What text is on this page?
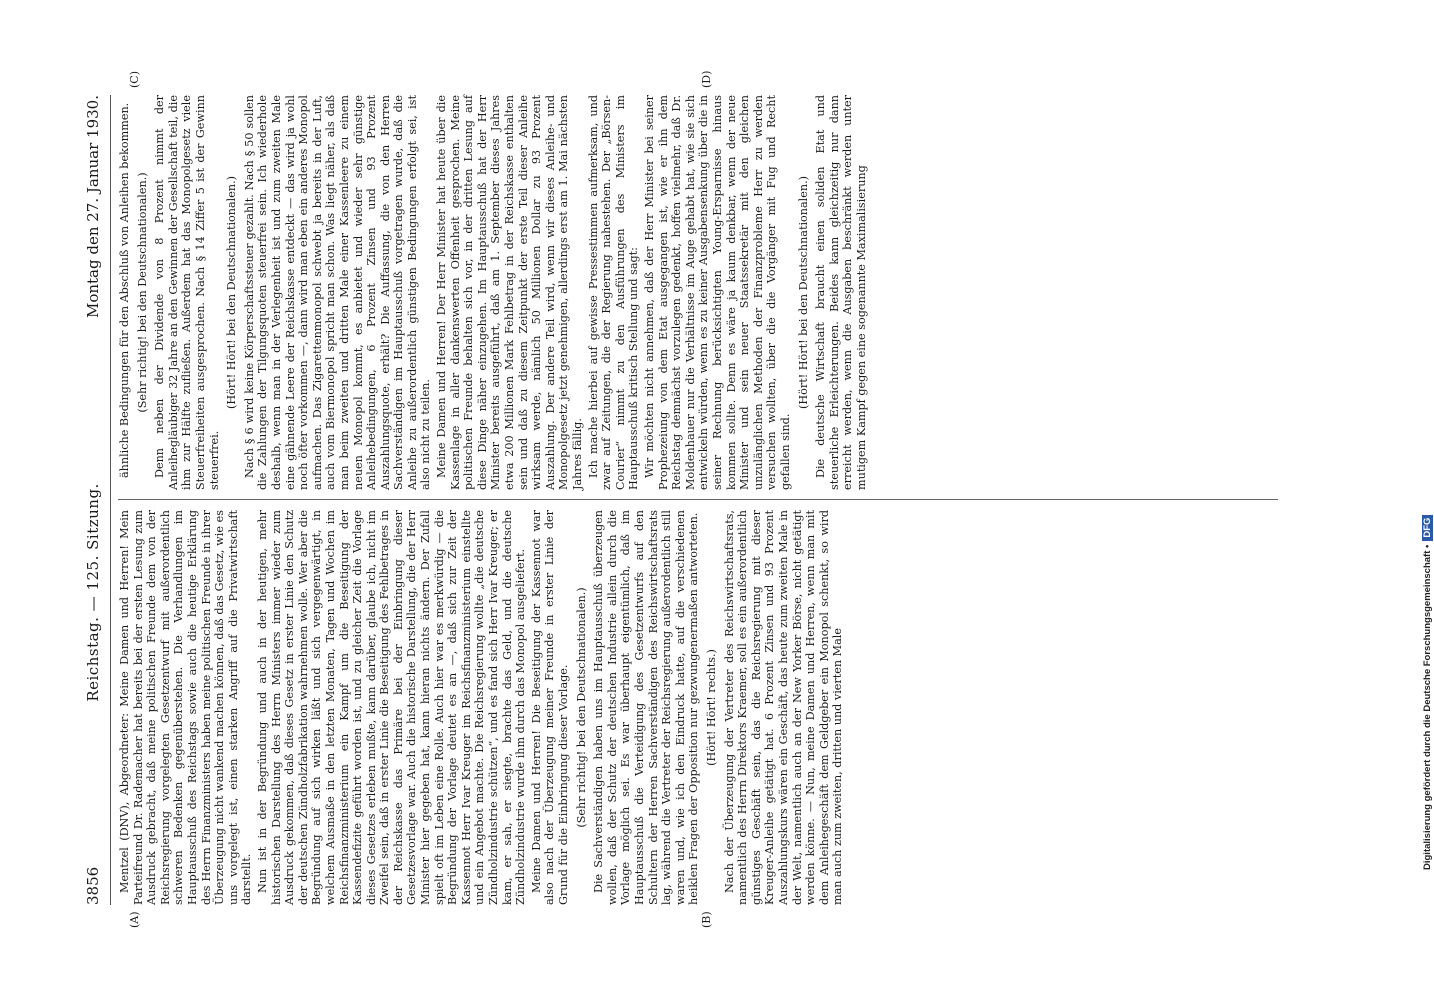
3856
Reichstag. — 125. Sitzung.
Montag den 27. Januar 1930.
(A)	(B)
(C)	(D)

Mentzel (DNV), Abgeordneter: Meine Damen und Herren! Mein Parteifreund Dr. Rademacher hat bereits bei der ersten Lesung zum Ausdruck gebracht, daß meine politischen Freunde dem von der Reichsregierung vorgelegten Gesetzentwurf mit außerordentlich schweren Bedenken gegenüberstehen. Die Verhandlungen im Hauptausschuß des Reichstags sowie auch die heutige Erklärung des Herrn Finanzministers haben meine politischen Freunde in ihrer Überzeugung nicht wankend machen können, daß das Gesetz, wie es uns vorgelegt ist, einen starken Angriff auf die Privatwirtschaft darstellt. Nun ist in der Begründung und auch in der heutigen, mehr historischen Darstellung des Herrn Ministers immer wieder zum Ausdruck gekommen, daß dieses Gesetz in erster Linie den Schutz der deutschen Zündholzfabrikation wahrnehmen wolle. Wer aber die Begründung auf sich wirken läßt und sich vergegenwärtigt, in welchem Ausmaße in den letzten Monaten, Tagen und Wochen im Reichsfinanzministerium ein Kampf um die Beseitigung der Kassendefizite geführt worden ist, und zu gleicher Zeit die Vorlage dieses Gesetzes erleben mußte, kann darüber, glaube ich, nicht im Zweifel sein, daß in erster Linie die Beseitigung des Fehlbetrages in der Reichskasse das Primäre bei der Einbringung dieser Gesetzesvorlage war. Auch die historische Darstellung, die der Herr Minister hier gegeben hat, kann hieran nichts ändern. Der Zufall spielt oft im Leben eine Rolle. Auch hier war es merkwürdig — die Begründung der Vorlage deutet es an —, daß sich zur Zeit der Kassennot Herr Ivar Kreuger im Reichsfinanzministerium einstellte und ein Angebot machte. Die Reichsregierung wollte „die deutsche Zündholzindustrie schützen“, und es fand sich Herr Ivar Kreuger; er kam, er sah, er siegte, brachte das Geld, und die deutsche Zündholzindustrie wurde ihm durch das Monopol ausgeliefert. Meine Damen und Herren! Die Beseitigung der Kassennot war also nach der Überzeugung meiner Freunde in erster Linie der Grund für die Einbringung dieser Vorlage. (Sehr richtig! bei den Deutschnationalen.) Die Sachverständigen haben uns im Hauptausschuß überzeugen wollen, daß der Schutz der deutschen Industrie allein durch die Vorlage möglich sei. Es war überhaupt eigentümlich, daß im Hauptausschuß die Verteidigung des Gesetzentwurfs auf den Schultern der Herren Sachverständigen des Reichswirtschaftsrats lag, während die Vertreter der Reichsregierung außerordentlich still waren und, wie ich den Eindruck hatte, auf die verschiedenen heiklen Fragen der Opposition nur gezwungenermaßen antworteten. (Hört! Hört! rechts.) Nach der Überzeugung der Vertreter des Reichswirtschaftsrats, namentlich des Herrn Direktors Kraemer, soll es ein außerordentlich günstiges Geschäft sein, das die Reichsregierung mit dieser Kreuger-Anleihe getätigt hat. 6 Prozent Zinsen und 93 Prozent Auszahlungskurs wären ein Geschäft, das heute zum zweiten Male in der Welt, namentlich auch an der New Yorker Börse, nicht getätigt werden könne. — Nun, meine Damen und Herren, wenn man mit dem Anleihegeschäft dem Geldgeber ein Monopol schenkt, so wird man auch zum zweiten, dritten und vierten Male

ähnliche Bedingungen für den Abschluß von Anleihen bekommen. (Sehr richtig! bei den Deutschnationalen.) Denn neben der Dividende von 8 Prozent nimmt der Anleihegläubiger 32 Jahre an den Gewinnen der Gesellschaft teil, die ihm zur Hälfte zufließen. Außerdem hat das Monopolgesetz viele Steuerfreiheiten ausgesprochen. Nach § 14 Ziffer 5 ist der Gewinn steuerfrei.

(Hört! Hört! bei den Deutschnationalen.) Nach § 6 wird keine Körperschaftssteuer gezahlt. Nach § 50 sollen die Zahlungen der Tilgungsquoten steuerfrei sein. Ich wiederhole deshalb, wenn man in der Verlegenheit ist und zum zweiten Male eine gähnende Leere der Reichskasse entdeckt — das wird ja wohl noch öfter vorkommen —, dann wird man eben ein anderes Monopol aufmachen. Das Zigarettenmonopol schwebt ja bereits in der Luft, auch vom Biermonopol spricht man schon. Was liegt näher, als daß man beim zweiten und dritten Male einer Kassenleere zu einem neuen Monopol kommt, es anbietet und wieder sehr günstige Anleihebedingungen, 6 Prozent Zinsen und 93 Prozent Auszahlungsquote, erhält? Die Auffassung, die von den Herren Sachverständigen im Hauptausschuß vorgetragen wurde, daß die Anleihe zu außerordentlich günstigen Bedingungen erfolgt sei, ist also nicht zu teilen. Meine Damen und Herren! Der Herr Minister hat heute über die Kassenlage in aller dankenswerten Offenheit gesprochen. Meine politischen Freunde behalten sich vor, in der dritten Lesung auf diese Dinge näher einzugehen. Im Hauptausschuß hat der Herr Minister bereits ausgeführt, daß am 1. September dieses Jahres etwa 200 Millionen Mark Fehlbetrag in der Reichskasse enthalten sein und daß zu diesem Zeitpunkt der erste Teil dieser Anleihe wirksam werde, nämlich 50 Millionen Dollar zu 93 Prozent Auszahlung. Der andere Teil wird, wenn wir dieses Anleihe- und Monopolgesetz jetzt genehmigen, allerdings erst am 1. Mai nächsten Jahres fällig. Ich mache hierbei auf gewisse Pressestimmen aufmerksam, und zwar auf Zeitungen, die der Regierung nahestehen. Der „Börsen-Courier“ nimmt zu den Ausführungen des Ministers im Hauptausschuß kritisch Stellung und sagt: Wir möchten nicht annehmen, daß der Herr Minister bei seiner Prophezeiung von dem Etat ausgegangen ist, wie er ihn dem Reichstag demnächst vorzulegen gedenkt, hoffen vielmehr, daß Dr. Moldenhauer nur die Verhältnisse im Auge gehabt hat, wie sie sich entwickeln würden, wenn es zu keiner Ausgabensenkung über die in seiner Rechnung berücksichtigten Young-Ersparnisse hinaus kommen sollte. Denn es wäre ja kaum denkbar, wenn der neue Minister und sein neuer Staatssekretär mit den gleichen unzulänglichen Methoden der Finanzprobleme Herr zu werden versuchen wollten, über die die Vorgänger mit Fug und Recht gefallen sind.

(Hört! Hört! bei den Deutschnationalen.) Die deutsche Wirtschaft braucht einen soliden Etat und steuerliche Erleichterungen. Beides kann gleichzeitig nur dann erreicht werden, wenn die Ausgaben beschränkt werden unter mutigem Kampf gegen eine sogenannte Maximalisierung

Digitalisierung gefördert durch die Deutsche Forschungsgemeinschaft •DFG
